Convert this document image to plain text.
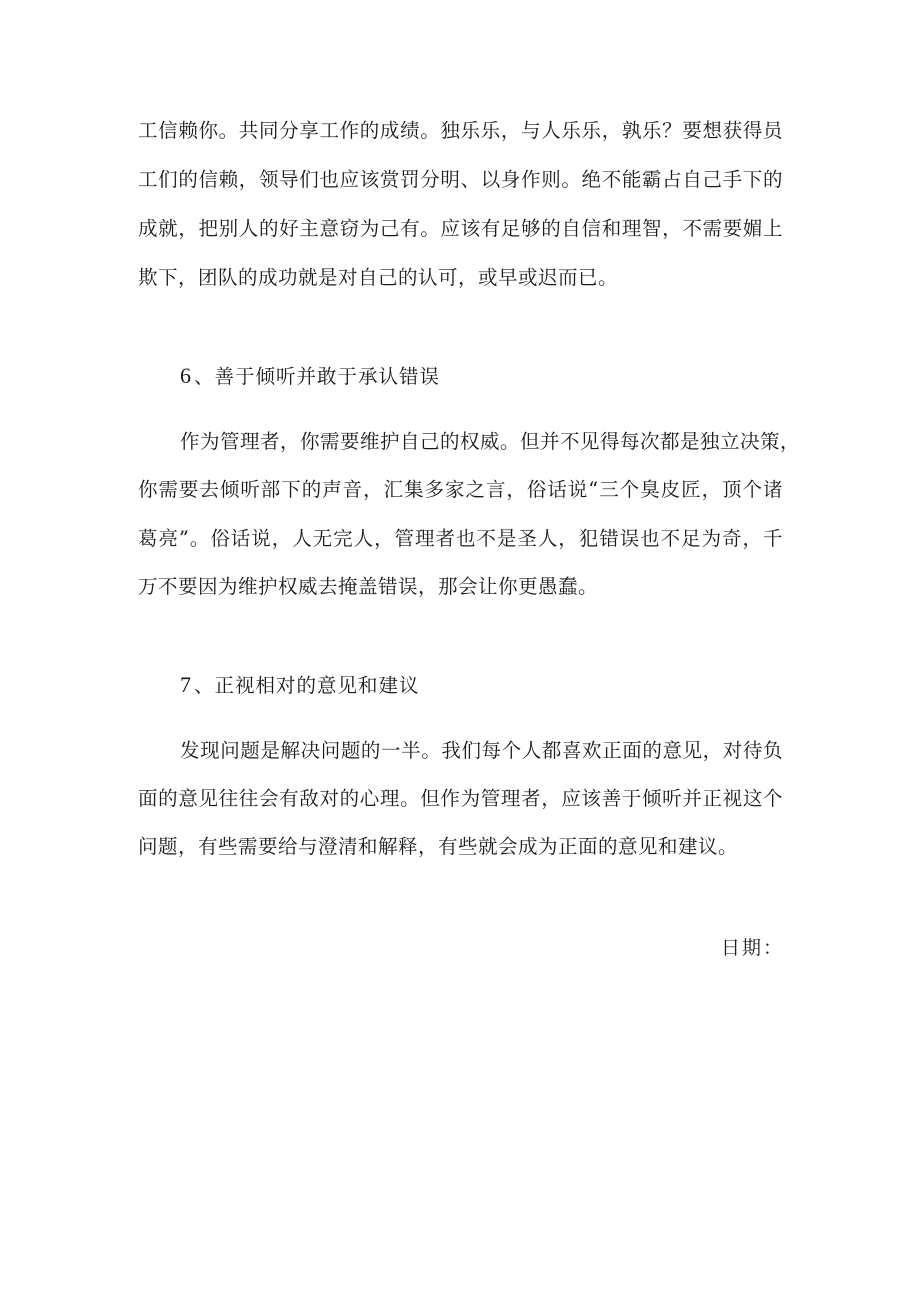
工信赖你。共同分享工作的成绩。独乐乐，与人乐乐，孰乐？要想获得员
工们的信赖，领导们也应该赏罚分明、以身作则。绝不能霸占自己手下的
成就，把别人的好主意窃为己有。应该有足够的自信和理智，不需要媚上
欺下，团队的成功就是对自己的认可，或早或迟而已。
6 、善于倾听并敢于承认错误
作为管理者，你需要维护自己的权威。但并不见得每次都是独立决策，
你需要去倾听部下的声音，汇集多家之言，俗话说“三个臭皮匠，顶个诸
葛亮”。俗话说，人无完人，管理者也不是圣人，犯错误也不足为奇，千
万不要因为维护权威去掩盖错误，那会让你更愚蠢。
7 、正视相对的意见和建议
发现问题是解决问题的一半。我们每个人都喜欢正面的意见，对待负
面的意见往往会有敌对的心理。但作为管理者，应该善于倾听并正视这个
问题，有些需要给与澄清和解释，有些就会成为正面的意见和建议。
日期：
